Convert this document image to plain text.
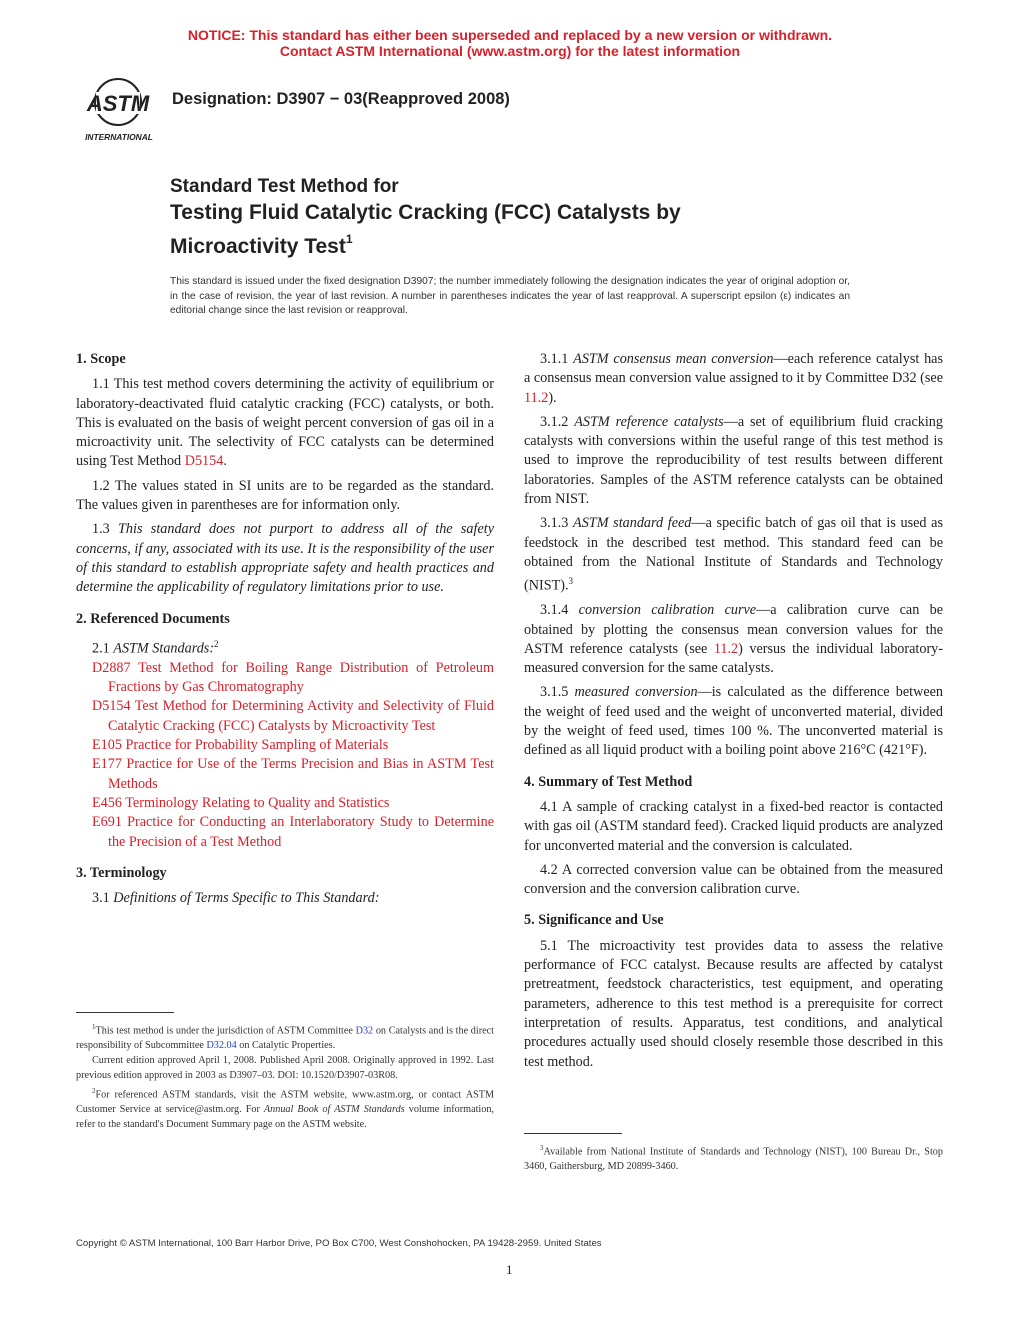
NOTICE: This standard has either been superseded and replaced by a new version or withdrawn.
Contact ASTM International (www.astm.org) for the latest information
ASTM
INTERNATIONAL
Designation: D3907 − 03(Reapproved 2008)
Standard Test Method for
Testing Fluid Catalytic Cracking (FCC) Catalysts by Microactivity Test$^1$
This standard is issued under the fixed designation D3907; the number immediately following the designation indicates the year of original adoption or, in the case of revision, the year of last revision. A number in parentheses indicates the year of last reapproval. A superscript epsilon (ε) indicates an editorial change since the last revision or reapproval.

1. Scope

1.1 This test method covers determining the activity of equilibrium or laboratory-deactivated fluid catalytic cracking (FCC) catalysts, or both. This is evaluated on the basis of weight percent conversion of gas oil in a microactivity unit. The selectivity of FCC catalysts can be determined using Test Method D5154.

1.2 The values stated in SI units are to be regarded as the standard. The values given in parentheses are for information only.

1.3 This standard does not purport to address all of the safety concerns, if any, associated with its use. It is the responsibility of the user of this standard to establish appropriate safety and health practices and determine the applicability of regulatory limitations prior to use.

2. Referenced Documents

2.1 ASTM Standards:$^2$

D2887 Test Method for Boiling Range Distribution of Petroleum Fractions by Gas Chromatography

D5154 Test Method for Determining Activity and Selectivity of Fluid Catalytic Cracking (FCC) Catalysts by Microactivity Test

E105 Practice for Probability Sampling of Materials

E177 Practice for Use of the Terms Precision and Bias in ASTM Test Methods

E456 Terminology Relating to Quality and Statistics

E691 Practice for Conducting an Interlaboratory Study to Determine the Precision of a Test Method

3. Terminology

3.1 Definitions of Terms Specific to This Standard:

$^1$This test method is under the jurisdiction of ASTM Committee D32 on Catalysts and is the direct responsibility of Subcommittee D32.04 on Catalytic Properties.

Current edition approved April 1, 2008. Published April 2008. Originally approved in 1992. Last previous edition approved in 2003 as D3907–03. DOI: 10.1520/D3907-03R08.

$^2$For referenced ASTM standards, visit the ASTM website, www.astm.org, or contact ASTM Customer Service at service@astm.org. For Annual Book of ASTM Standards volume information, refer to the standard's Document Summary page on the ASTM website.

3.1.1 ASTM consensus mean conversion—each reference catalyst has a consensus mean conversion value assigned to it by Committee D32 (see 11.2).

3.1.2 ASTM reference catalysts—a set of equilibrium fluid cracking catalysts with conversions within the useful range of this test method is used to improve the reproducibility of test results between different laboratories. Samples of the ASTM reference catalysts can be obtained from NIST.

3.1.3 ASTM standard feed—a specific batch of gas oil that is used as feedstock in the described test method. This standard feed can be obtained from the National Institute of Standards and Technology (NIST).$^3$

3.1.4 conversion calibration curve—a calibration curve can be obtained by plotting the consensus mean conversion values for the ASTM reference catalysts (see 11.2) versus the individual laboratory-measured conversion for the same catalysts.

3.1.5 measured conversion—is calculated as the difference between the weight of feed used and the weight of unconverted material, divided by the weight of feed used, times 100 %. The unconverted material is defined as all liquid product with a boiling point above 216°C (421°F).

4. Summary of Test Method

4.1 A sample of cracking catalyst in a fixed-bed reactor is contacted with gas oil (ASTM standard feed). Cracked liquid products are analyzed for unconverted material and the conversion is calculated.

4.2 A corrected conversion value can be obtained from the measured conversion and the conversion calibration curve.

5. Significance and Use

5.1 The microactivity test provides data to assess the relative performance of FCC catalyst. Because results are affected by catalyst pretreatment, feedstock characteristics, test equipment, and operating parameters, adherence to this test method is a prerequisite for correct interpretation of results. Apparatus, test conditions, and analytical procedures actually used should closely resemble those described in this test method.

$^3$Available from National Institute of Standards and Technology (NIST), 100 Bureau Dr., Stop 3460, Gaithersburg, MD 20899-3460.

Copyright © ASTM International, 100 Barr Harbor Drive, PO Box C700, West Conshohocken, PA 19428-2959. United States
1
